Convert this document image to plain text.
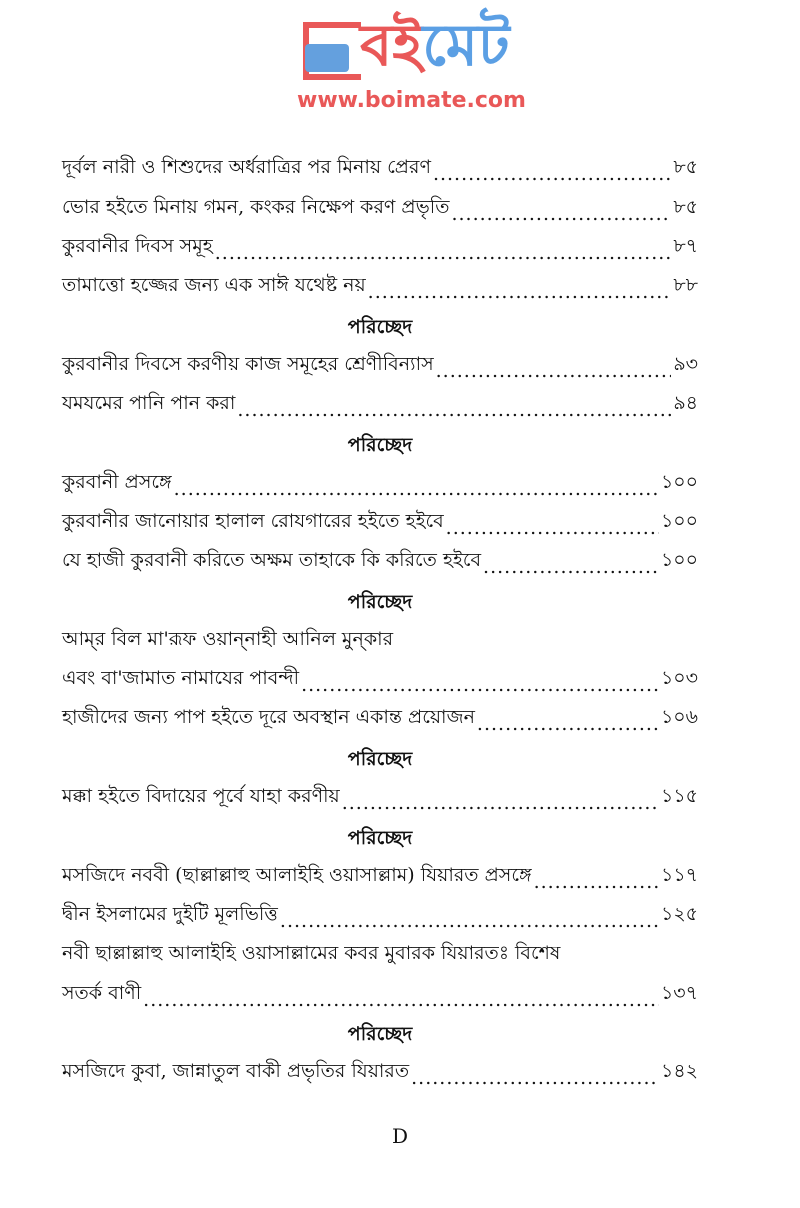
বইমেট
www.boimate.com
দূর্বল নারী ও শিশুদের অর্ধরাত্রির পর মিনায় প্রেরণ .....	৮৫
ভোর হইতে মিনায় গমন, কংকর নিক্ষেপ করণ প্রভৃতি .....	৮৫
কুরবানীর দিবস সমূহ .....	৮৭
তামাত্তো হজ্জের জন্য এক সাঈ যথেষ্ট নয় .....	৮৮
পরিচ্ছেদ
কুরবানীর দিবসে করণীয় কাজ সমূহের শ্রেণীবিন্যাস .....	৯৩
যমযমের পানি পান করা .....	৯৪
পরিচ্ছেদ
কুরবানী প্রসঙ্গে .....	১০০
কুরবানীর জানোয়ার হালাল রোযগারের হইতে হইবে .....	১০০
যে হাজী কুরবানী করিতে অক্ষম তাহাকে কি করিতে হইবে .....	১০০
পরিচ্ছেদ
আম্‌র বিল মা'রূফ ওয়ান্‌নাহী আনিল মুন্‌কার
এবং বা'জামাত নামাযের পাবন্দী .....	১০৩
হাজীদের জন্য পাপ হইতে দূরে অবস্থান একান্ত প্রয়োজন .....	১০৬
পরিচ্ছেদ
মক্কা হইতে বিদায়ের পূর্বে যাহা করণীয় .....	১১৫
পরিচ্ছেদ
মসজিদে নববী (ছাল্লাল্লাহু আলাইহি ওয়াসাল্লাম) যিয়ারত প্রসঙ্গে .....	১১৭
দ্বীন ইসলামের দুইটি মূলভিত্তি .....	১২৫
নবী ছাল্লাল্লাহু আলাইহি ওয়াসাল্লামের কবর মুবারক যিয়ারতঃ বিশেষ
সতর্ক বাণী .....	১৩৭
পরিচ্ছেদ
মসজিদে কুবা, জান্নাতুল বাকী প্রভৃতির যিয়ারত .....	১৪২
D
